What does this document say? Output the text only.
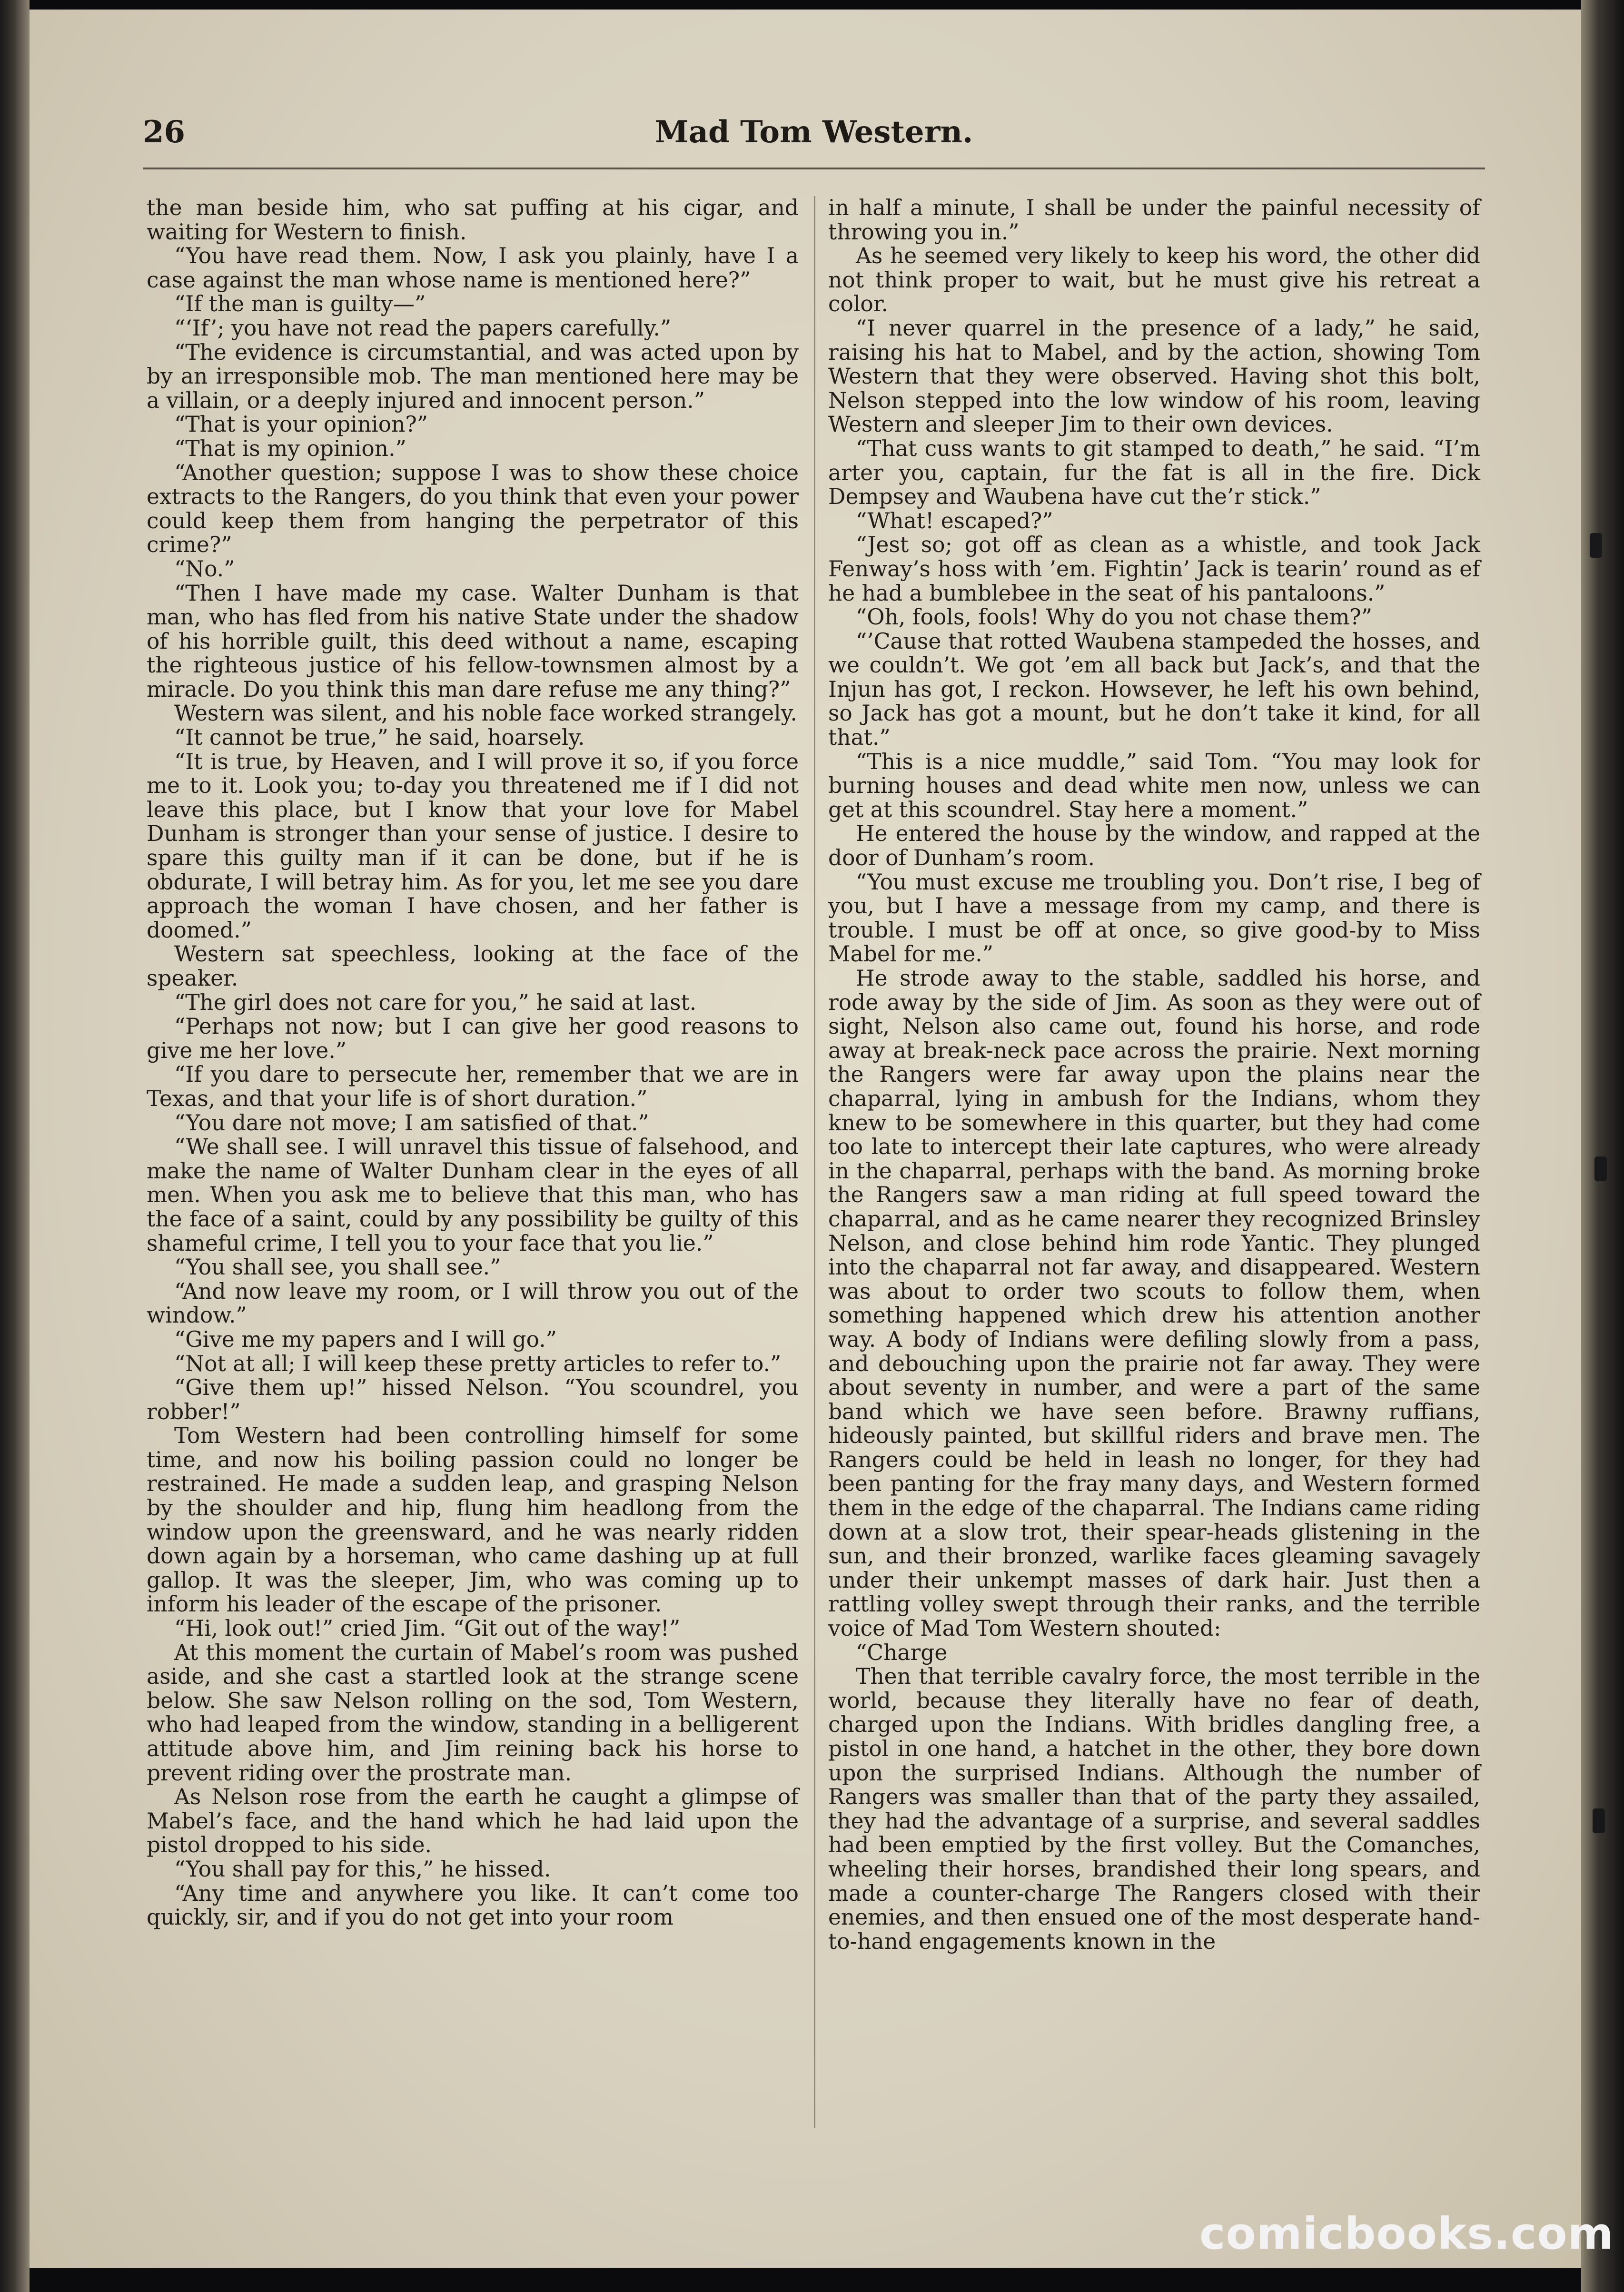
26	Mad Tom Western.

the man beside him, who sat puffing at his cigar, and waiting for Western to finish.

“You have read them. Now, I ask you plainly, have I a case against the man whose name is mentioned here?”

“If the man is guilty—”

“‘If’; you have not read the papers carefully.”

“The evidence is circumstantial, and was acted upon by by an irresponsible mob. The man mentioned here may be a villain, or a deeply injured and innocent person.”

“That is your opinion?”

“That is my opinion.”

“Another question; suppose I was to show these choice extracts to the Rangers, do you think that even your power could keep them from hanging the perpetrator of this crime?”

“No.”

“Then I have made my case. Walter Dunham is that man, who has fled from his native State under the shadow of his horrible guilt, this deed without a name, escaping the righteous justice of his fellow-townsmen almost by a miracle. Do you think this man dare refuse me any thing?”

Western was silent, and his noble face worked strangely.

“It cannot be true,” he said, hoarsely.

“It is true, by Heaven, and I will prove it so, if you force me to it. Look you; to-day you threatened me if I did not leave this place, but I know that your love for Mabel Dunham is stronger than your sense of justice. I desire to spare this guilty man if it can be done, but if he is obdurate, I will betray him. As for you, let me see you dare approach the woman I have chosen, and her father is doomed.”

Western sat speechless, looking at the face of the speaker.

“The girl does not care for you,” he said at last.

“Perhaps not now; but I can give her good reasons to give me her love.”

“If you dare to persecute her, remember that we are in Texas, and that your life is of short duration.”

“You dare not move; I am satisfied of that.”

“We shall see. I will unravel this tissue of falsehood, and make the name of Walter Dunham clear in the eyes of all men. When you ask me to believe that this man, who has the face of a saint, could by any possibility be guilty of this shameful crime, I tell you to your face that you lie.”

“You shall see, you shall see.”

“And now leave my room, or I will throw you out of the window.”

“Give me my papers and I will go.”

“Not at all; I will keep these pretty articles to refer to.”

“Give them up!” hissed Nelson. “You scoundrel, you robber!”

Tom Western had been controlling himself for some time, and now his boiling passion could no longer be restrained. He made a sudden leap, and grasping Nelson by the shoulder and hip, flung him headlong from the window upon the greensward, and he was nearly ridden down again by a horseman, who came dashing up at full gallop. It was the sleeper, Jim, who was coming up to inform his leader of the escape of the prisoner.

“Hi, look out!” cried Jim. “Git out of the way!”

At this moment the curtain of Mabel’s room was pushed aside, and she cast a startled look at the strange scene below. She saw Nelson rolling on the sod, Tom Western, who had leaped from the window, standing in a belligerent attitude above him, and Jim reining back his horse to prevent riding over the prostrate man.

As Nelson rose from the earth he caught a glimpse of Mabel’s face, and the hand which he had laid upon the pistol dropped to his side.

“You shall pay for this,” he hissed.

“Any time and anywhere you like. It can’t come too quickly, sir, and if you do not get into your room

in half a minute, I shall be under the painful necessity of throwing you in.”

As he seemed very likely to keep his word, the other did not think proper to wait, but he must give his retreat a color.

“I never quarrel in the presence of a lady,” he said, raising his hat to Mabel, and by the action, showing Tom Western that they were observed. Having shot this bolt, Nelson stepped into the low window of his room, leaving Western and sleeper Jim to their own devices.

“That cuss wants to git stamped to death,” he said. “I’m arter you, captain, fur the fat is all in the fire. Dick Dempsey and Waubena have cut the’r stick.”

“What! escaped?”

“Jest so; got off as clean as a whistle, and took Jack Fenway’s hoss with ’em. Fightin’ Jack is tearin’ round as ef he had a bumblebee in the seat of his pantaloons.”

“Oh, fools, fools! Why do you not chase them?”

“’Cause that rotted Waubena stampeded the hosses, and we couldn’t. We got ’em all back but Jack’s, and that the Injun has got, I reckon. Howsever, he left his own behind, so Jack has got a mount, but he don’t take it kind, for all that.”

“This is a nice muddle,” said Tom. “You may look for burning houses and dead white men now, unless we can get at this scoundrel. Stay here a moment.”

He entered the house by the window, and rapped at the door of Dunham’s room.

“You must excuse me troubling you. Don’t rise, I beg of you, but I have a message from my camp, and there is trouble. I must be off at once, so give good-by to Miss Mabel for me.”

He strode away to the stable, saddled his horse, and rode away by the side of Jim. As soon as they were out of sight, Nelson also came out, found his horse, and rode away at break-neck pace across the prairie. Next morning the Rangers were far away upon the plains near the chaparral, lying in ambush for the Indians, whom they knew to be somewhere in this quarter, but they had come too late to intercept their late captures, who were already in the chaparral, perhaps with the band. As morning broke the Rangers saw a man riding at full speed toward the chaparral, and as he came nearer they recognized Brinsley Nelson, and close behind him rode Yantic. They plunged into the chaparral not far away, and disappeared. Western was about to order two scouts to follow them, when something happened which drew his attention another way. A body of Indians were defiling slowly from a pass, and debouching upon the prairie not far away. They were about seventy in number, and were a part of the same band which we have seen before. Brawny ruffians, hideously painted, but skillful riders and brave men. The Rangers could be held in leash no longer, for they had been panting for the fray many days, and Western formed them in the edge of the chaparral. The Indians came riding down at a slow trot, their spear-heads glistening in the sun, and their bronzed, warlike faces gleaming savagely under their unkempt masses of dark hair. Just then a rattling volley swept through their ranks, and the terrible voice of Mad Tom Western shouted:

“Charge

Then that terrible cavalry force, the most terrible in the world, because they literally have no fear of death, charged upon the Indians. With bridles dangling free, a pistol in one hand, a hatchet in the other, they bore down upon the surprised Indians. Although the number of Rangers was smaller than that of the party they assailed, they had the advantage of a surprise, and several saddles had been emptied by the first volley. But the Comanches, wheeling their horses, brandished their long spears, and made a counter-charge The Rangers closed with their enemies, and then ensued one of the most desperate hand-to-hand engagements known in the

comicbooks.com
